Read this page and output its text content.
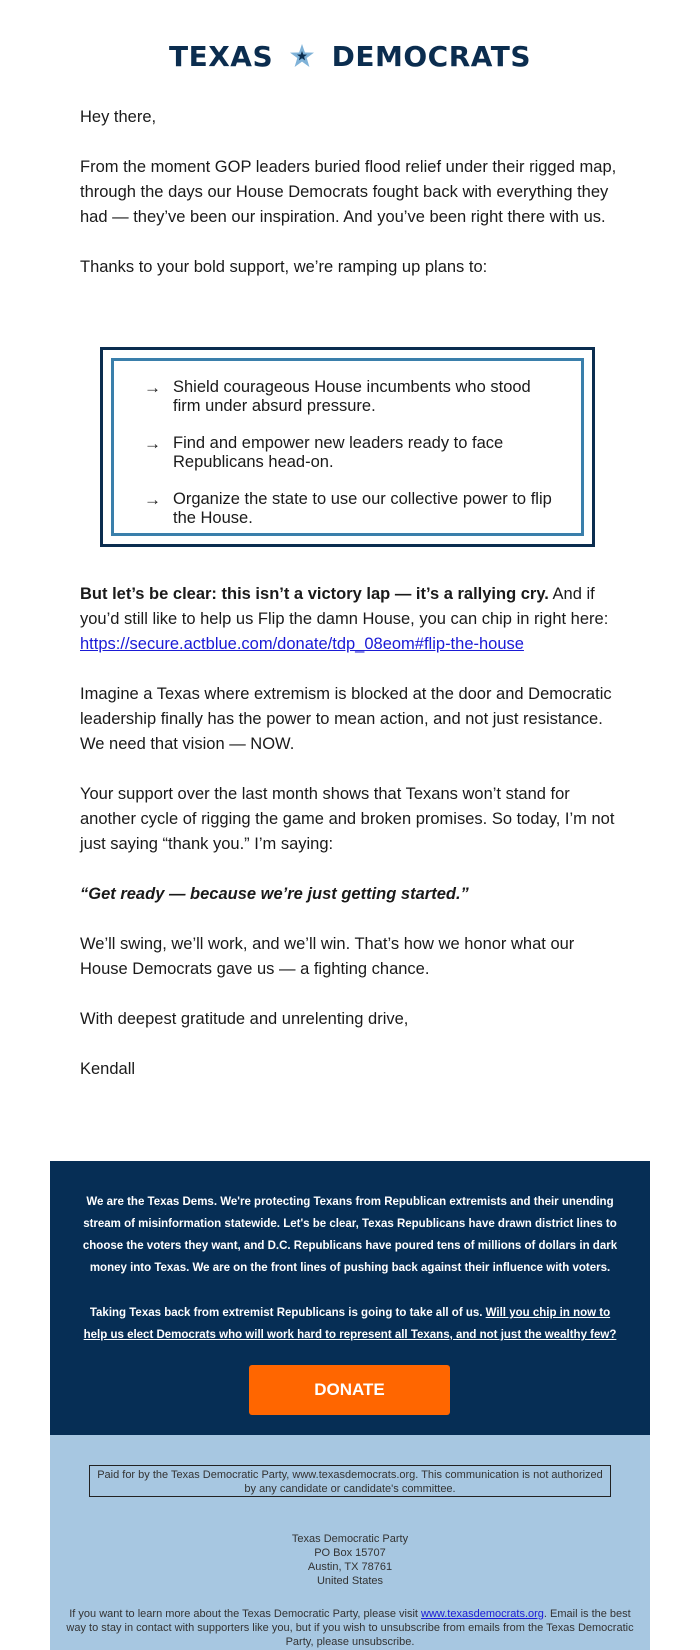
TEXAS DEMOCRATS

Hey there,

From the moment GOP leaders buried flood relief under their rigged map, through the days our House Democrats fought back with everything they had — they’ve been our inspiration. And you’ve been right there with us.

Thanks to your bold support, we’re ramping up plans to:

→ Shield courageous House incumbents who stood firm under absurd pressure.
→ Find and empower new leaders ready to face Republicans head-on.
→ Organize the state to use our collective power to flip the House.

But let’s be clear: this isn’t a victory lap — it’s a rallying cry. And if you’d still like to help us Flip the damn House, you can chip in right here:
https://secure.actblue.com/donate/tdp_08eom#flip-the-house

Imagine a Texas where extremism is blocked at the door and Democratic leadership finally has the power to mean action, and not just resistance. We need that vision — NOW.

Your support over the last month shows that Texans won’t stand for another cycle of rigging the game and broken promises. So today, I’m not just saying “thank you.” I’m saying:

“Get ready — because we’re just getting started.”

We’ll swing, we’ll work, and we’ll win. That’s how we honor what our House Democrats gave us — a fighting chance.

With deepest gratitude and unrelenting drive,

Kendall

We are the Texas Dems. We're protecting Texans from Republican extremists and their unending stream of misinformation statewide. Let's be clear, Texas Republicans have drawn district lines to choose the voters they want, and D.C. Republicans have poured tens of millions of dollars in dark money into Texas. We are on the front lines of pushing back against their influence with voters.
Taking Texas back from extremist Republicans is going to take all of us. Will you chip in now to help us elect Democrats who will work hard to represent all Texans, and not just the wealthy few?
DONATE
Paid for by the Texas Democratic Party, www.texasdemocrats.org. This communication is not authorized by any candidate or candidate's committee.
Texas Democratic Party
PO Box 15707
Austin, TX 78761
United States
If you want to learn more about the Texas Democratic Party, please visit www.texasdemocrats.org. Email is the best way to stay in contact with supporters like you, but if you wish to unsubscribe from emails from the Texas Democratic Party, please unsubscribe.
